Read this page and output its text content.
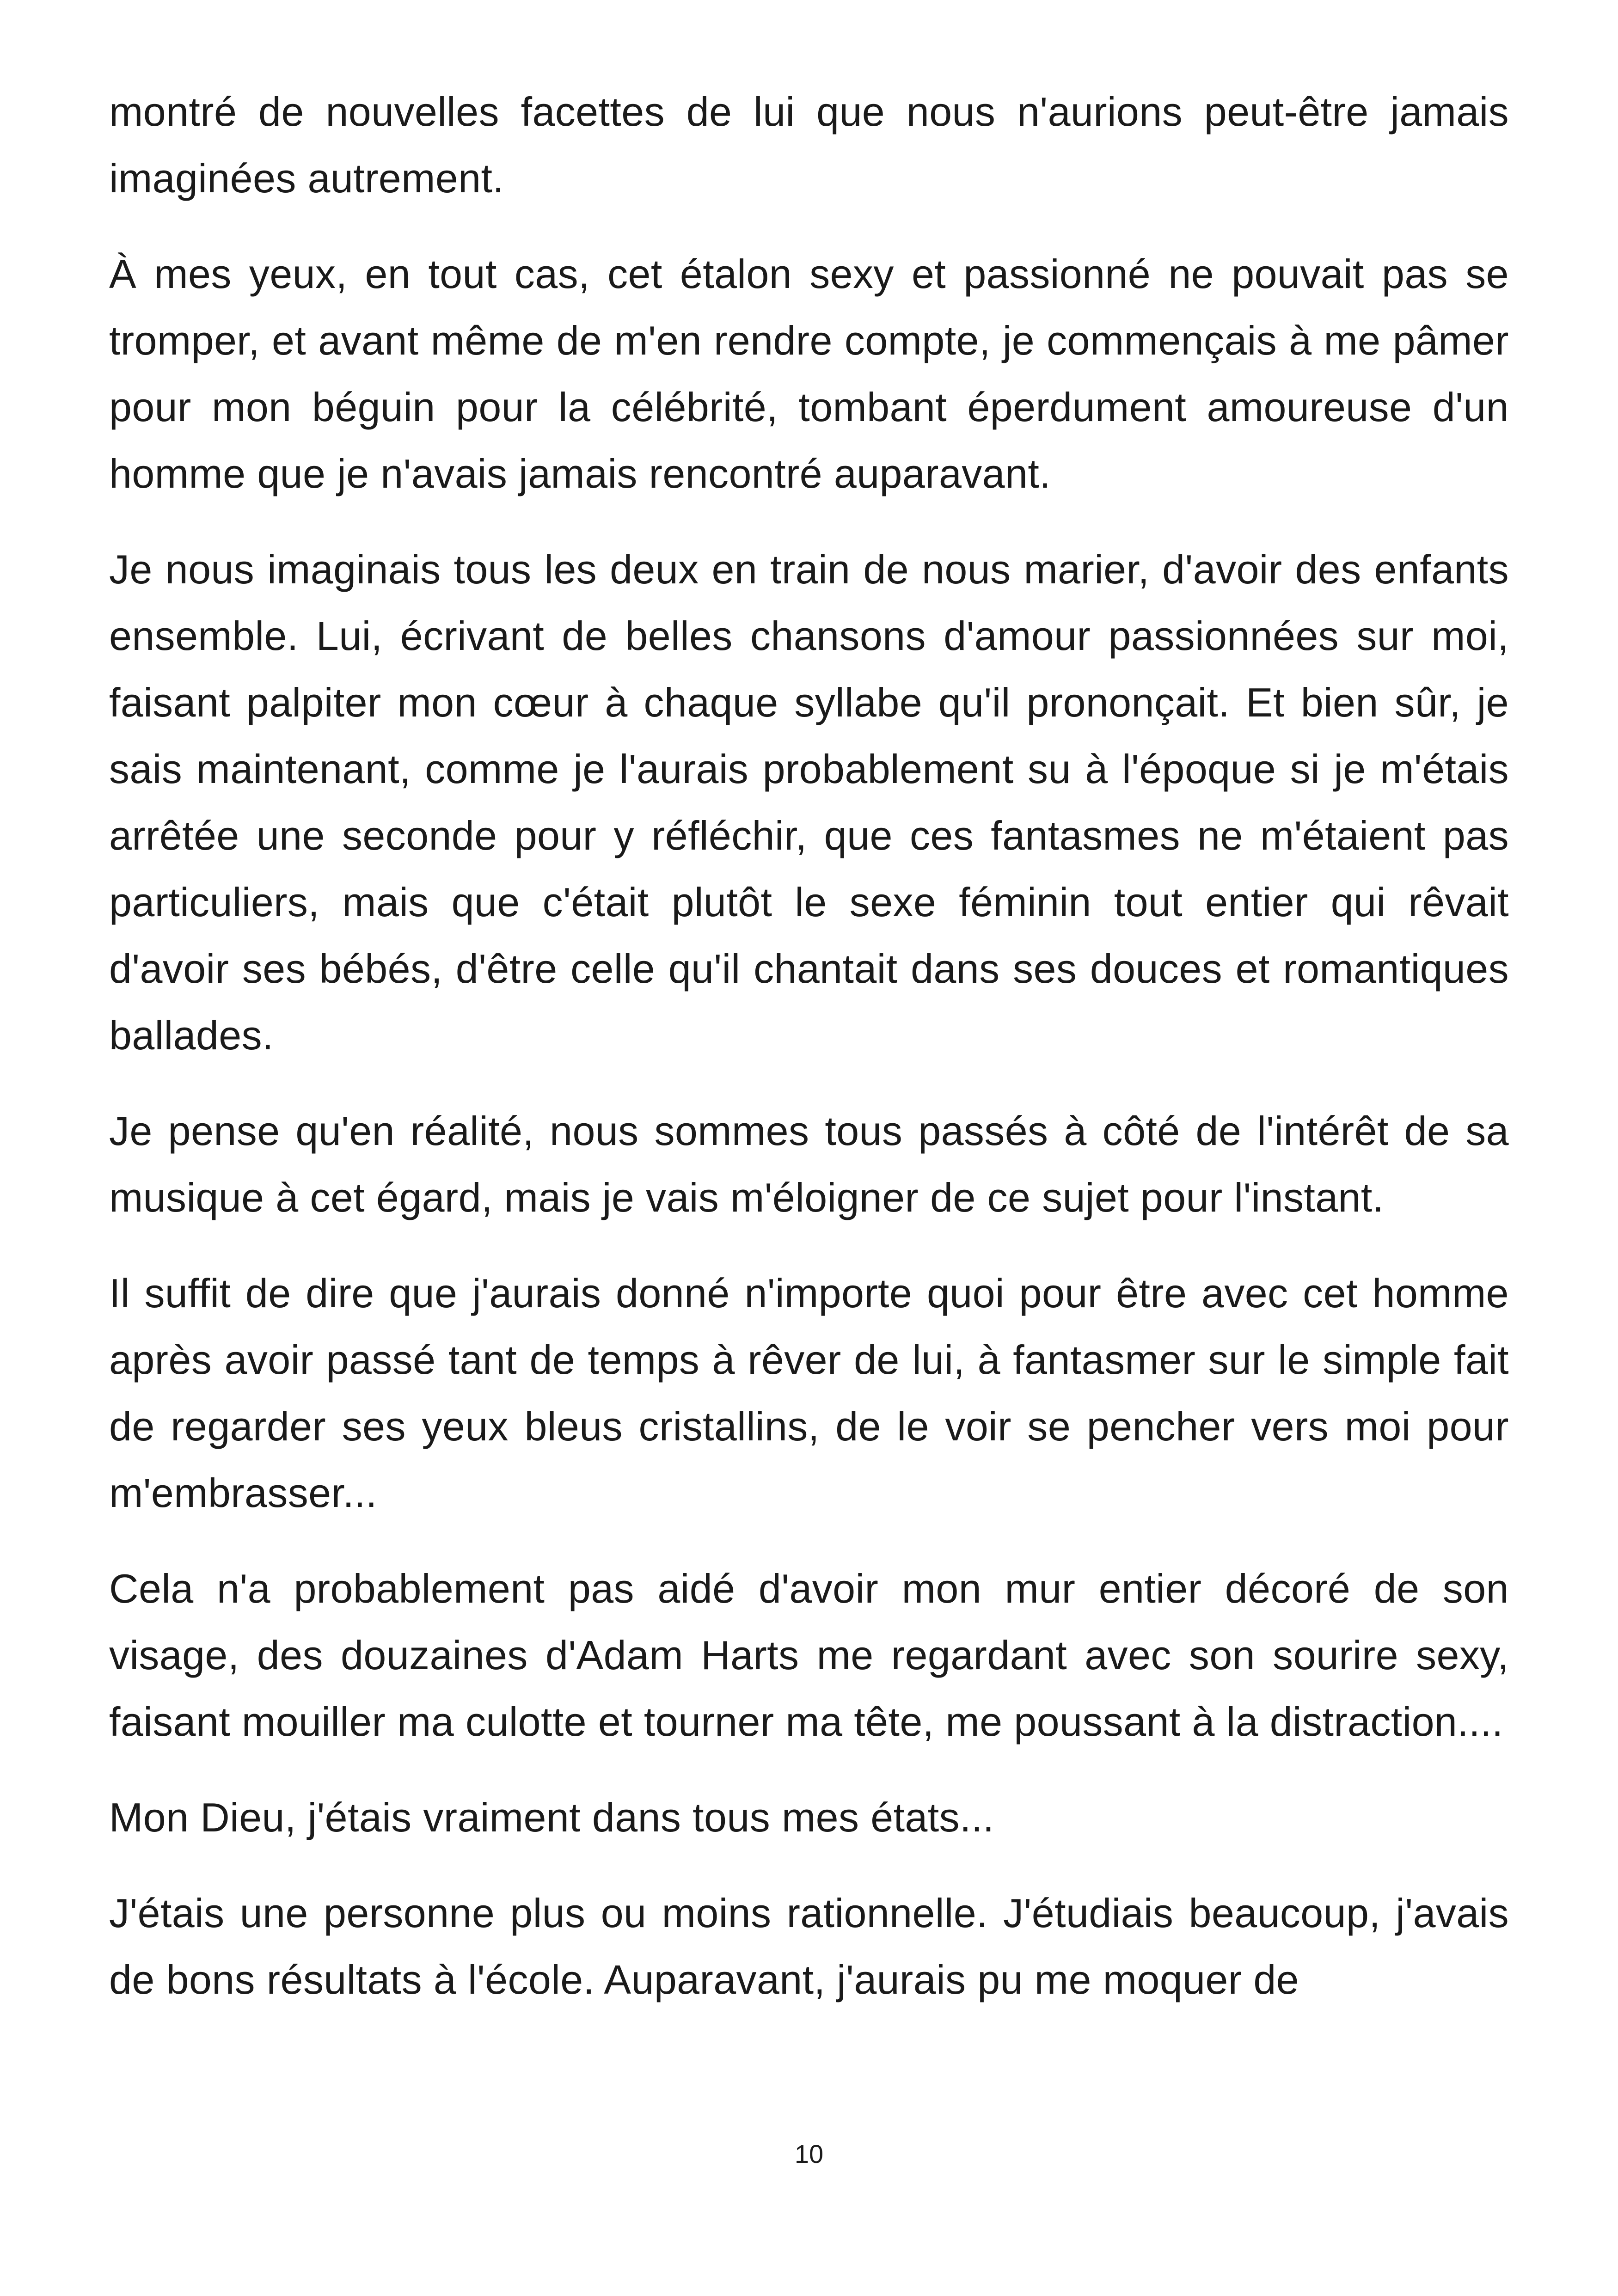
montré de nouvelles facettes de lui que nous n'aurions peut-être jamais imaginées autrement.

À mes yeux, en tout cas, cet étalon sexy et passionné ne pouvait pas se tromper, et avant même de m'en rendre compte, je commençais à me pâmer pour mon béguin pour la célébrité, tombant éperdument amoureuse d'un homme que je n'avais jamais rencontré auparavant.

Je nous imaginais tous les deux en train de nous marier, d'avoir des enfants ensemble. Lui, écrivant de belles chansons d'amour passionnées sur moi, faisant palpiter mon cœur à chaque syllabe qu'il prononçait. Et bien sûr, je sais maintenant, comme je l'aurais probablement su à l'époque si je m'étais arrêtée une seconde pour y réfléchir, que ces fantasmes ne m'étaient pas particuliers, mais que c'était plutôt le sexe féminin tout entier qui rêvait d'avoir ses bébés, d'être celle qu'il chantait dans ses douces et romantiques ballades.

Je pense qu'en réalité, nous sommes tous passés à côté de l'intérêt de sa musique à cet égard, mais je vais m'éloigner de ce sujet pour l'instant.

Il suffit de dire que j'aurais donné n'importe quoi pour être avec cet homme après avoir passé tant de temps à rêver de lui, à fantasmer sur le simple fait de regarder ses yeux bleus cristallins, de le voir se pencher vers moi pour m'embrasser...

Cela n'a probablement pas aidé d'avoir mon mur entier décoré de son visage, des douzaines d'Adam Harts me regardant avec son sourire sexy, faisant mouiller ma culotte et tourner ma tête, me poussant à la distraction....

Mon Dieu, j'étais vraiment dans tous mes états...

J'étais une personne plus ou moins rationnelle. J'étudiais beaucoup, j'avais de bons résultats à l'école. Auparavant, j'aurais pu me moquer de

10
